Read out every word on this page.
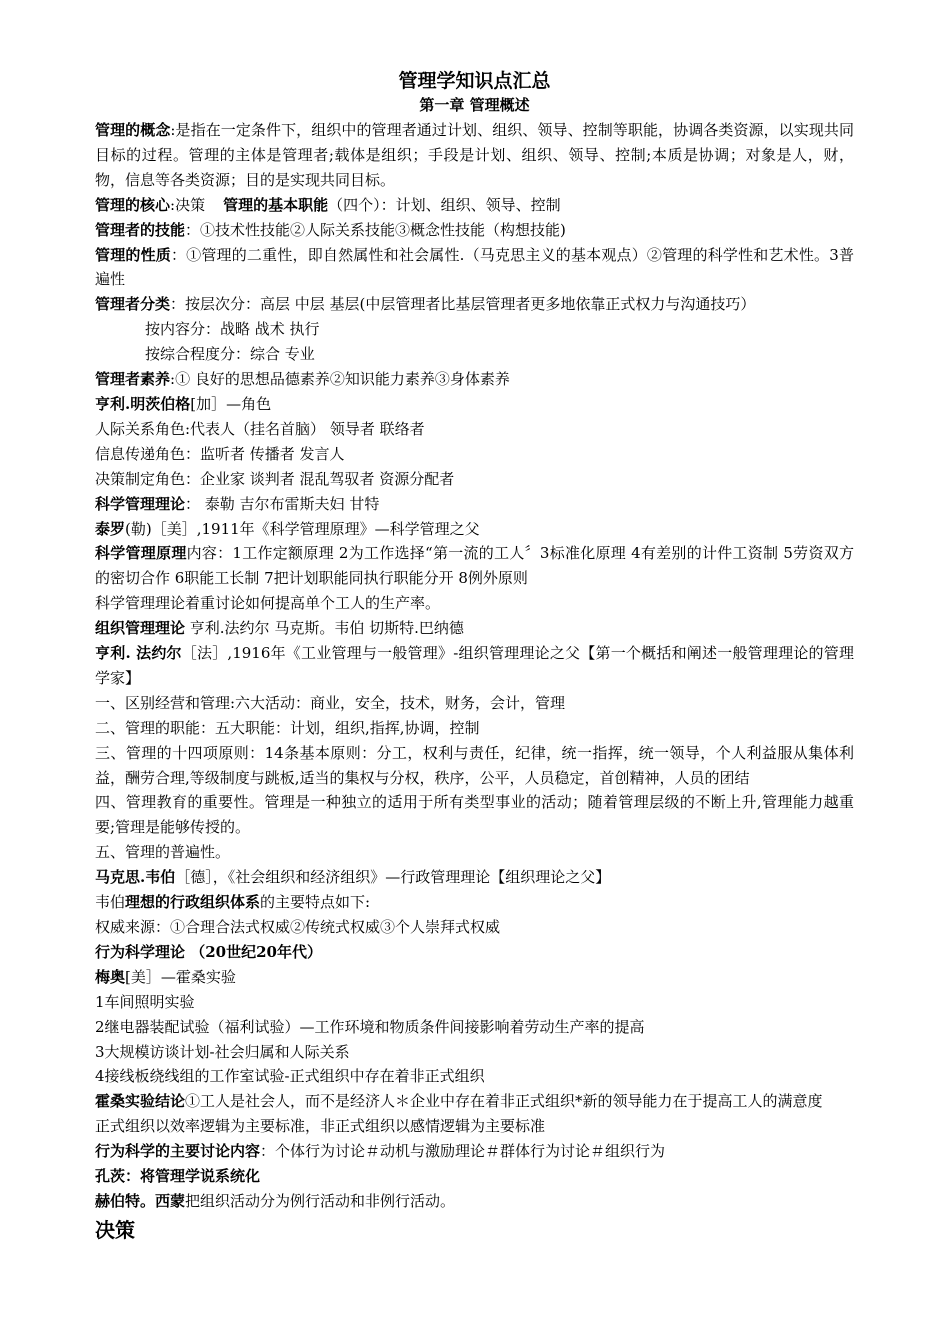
管理学知识点汇总
第一章 管理概述

管理的概念:是指在一定条件下，组织中的管理者通过计划、组织、领导、控制等职能，协调各类资源，以实现共同目标的过程。管理的主体是管理者;载体是组织；手段是计划、组织、领导、控制;本质是协调；对象是人，财，物，信息等各类资源；目的是实现共同目标。

管理的核心:决策 管理的基本职能（四个）：计划、组织、领导、控制

管理者的技能：①技术性技能②人际关系技能③概念性技能（构想技能)

管理的性质：①管理的二重性，即自然属性和社会属性.（马克思主义的基本观点）②管理的科学性和艺术性。3普遍性

管理者分类：按层次分：高层 中层 基层(中层管理者比基层管理者更多地依靠正式权力与沟通技巧）

按内容分：战略 战术 执行

按综合程度分：综合 专业

管理者素养:① 良好的思想品德素养②知识能力素养③身体素养

亨利.明茨伯格[加］—角色

人际关系角色:代表人（挂名首脑） 领导者 联络者

信息传递角色：监听者 传播者 发言人

决策制定角色：企业家 谈判者 混乱驾驭者 资源分配者

科学管理理论： 泰勒 吉尔布雷斯夫妇 甘特

泰罗(勒)［美］,1911年《科学管理原理》—科学管理之父

科学管理原理内容：1工作定额原理 2为工作选择“第一流的工人〞3标准化原理 4有差别的计件工资制 5劳资双方的密切合作 6职能工长制 7把计划职能同执行职能分开 8例外原则

科学管理理论着重讨论如何提高单个工人的生产率。

组织管理理论 亨利.法约尔 马克斯。韦伯 切斯特.巴纳德

亨利. 法约尔［法］,1916年《工业管理与一般管理》-组织管理理论之父【第一个概括和阐述一般管理理论的管理学家】

一、区别经营和管理:六大活动：商业，安全，技术，财务，会计，管理

二、管理的职能：五大职能：计划，组织,指挥,协调，控制

三、管理的十四项原则：14条基本原则：分工，权利与责任，纪律，统一指挥，统一领导，个人利益服从集体利益，酬劳合理,等级制度与跳板,适当的集权与分权，秩序，公平，人员稳定，首创精神，人员的团结

四、管理教育的重要性。管理是一种独立的适用于所有类型事业的活动；随着管理层级的不断上升,管理能力越重要;管理是能够传授的。

五、管理的普遍性。

马克思.韦伯［德］，《社会组织和经济组织》—行政管理理论【组织理论之父】

韦伯理想的行政组织体系的主要特点如下:

权威来源：①合理合法式权威②传统式权威③个人崇拜式权威

行为科学理论 （20世纪20年代）

梅奥[美］—霍桑实验

1车间照明实验

2继电器装配试验（福利试验）—工作环境和物质条件间接影响着劳动生产率的提高

3大规模访谈计划-社会归属和人际关系

4接线板绕线组的工作室试验-正式组织中存在着非正式组织

霍桑实验结论①工人是社会人，而不是经济人＊企业中存在着非正式组织*新的领导能力在于提高工人的满意度

正式组织以效率逻辑为主要标准，非正式组织以感情逻辑为主要标准

行为科学的主要讨论内容：个体行为讨论＃动机与激励理论＃群体行为讨论＃组织行为

孔茨：将管理学说系统化

赫伯特。西蒙把组织活动分为例行活动和非例行活动。

决策
